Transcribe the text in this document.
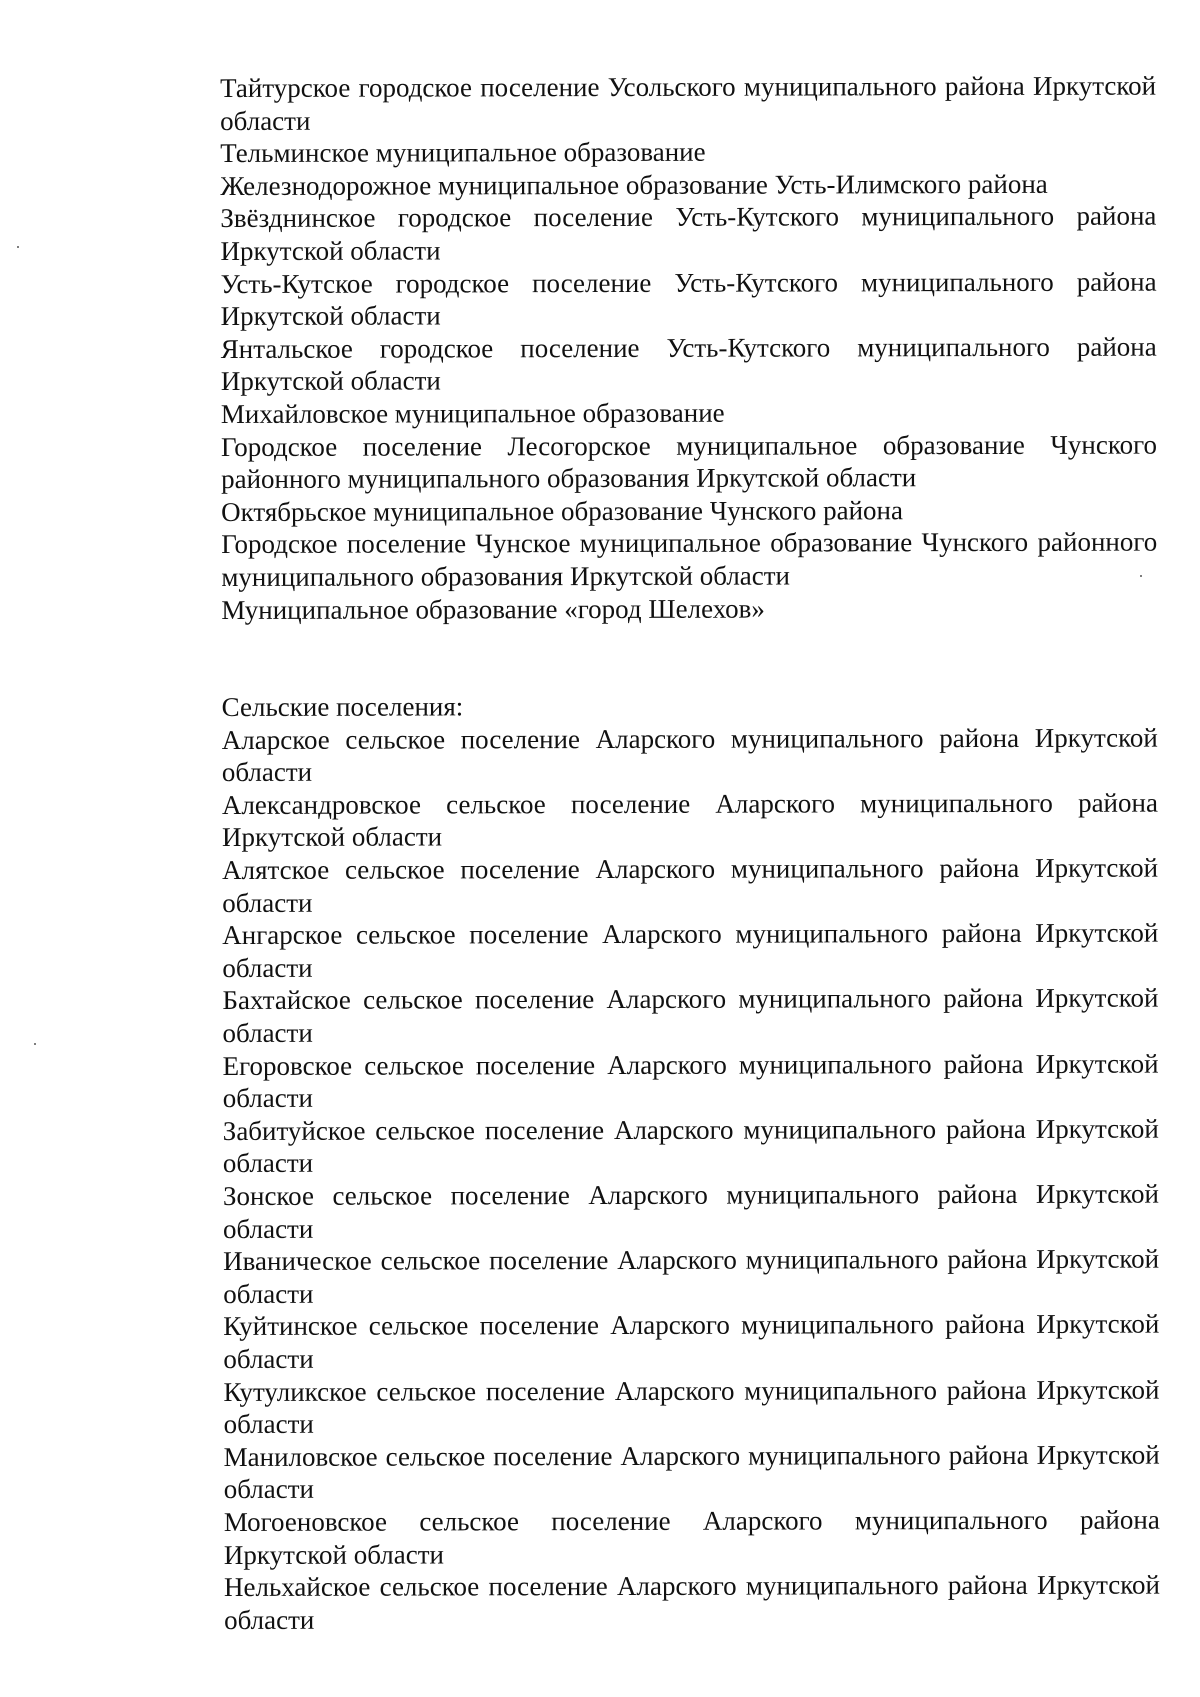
Тайтурское городское поселение Усольского муниципального района Иркутской области

Тельминское муниципальное образование

Железнодорожное муниципальное образование Усть-Илимского района

Звёзднинское городское поселение Усть-Кутского муниципального района Иркутской области

Усть-Кутское городское поселение Усть-Кутского муниципального района Иркутской области

Янтальское городское поселение Усть-Кутского муниципального района Иркутской области

Михайловское муниципальное образование

Городское поселение Лесогорское муниципальное образование Чунского районного муниципального образования Иркутской области

Октябрьское муниципальное образование Чунского района

Городское поселение Чунское муниципальное образование Чунского районного муниципального образования Иркутской области

Муниципальное образование «город Шелехов»

Сельские поселения:

Аларское сельское поселение Аларского муниципального района Иркутской области

Александровское сельское поселение Аларского муниципального района Иркутской области

Алятское сельское поселение Аларского муниципального района Иркутской области

Ангарское сельское поселение Аларского муниципального района Иркутской области

Бахтайское сельское поселение Аларского муниципального района Иркутской области

Егоровское сельское поселение Аларского муниципального района Иркутской области

Забитуйское сельское поселение Аларского муниципального района Иркутской области

Зонское сельское поселение Аларского муниципального района Иркутской области

Иваническое сельское поселение Аларского муниципального района Иркутской области

Куйтинское сельское поселение Аларского муниципального района Иркутской области

Кутуликское сельское поселение Аларского муниципального района Иркутской области

Маниловское сельское поселение Аларского муниципального района Иркутской области

Могоеновское сельское поселение Аларского муниципального района Иркутской области

Нельхайское сельское поселение Аларского муниципального района Иркутской области
